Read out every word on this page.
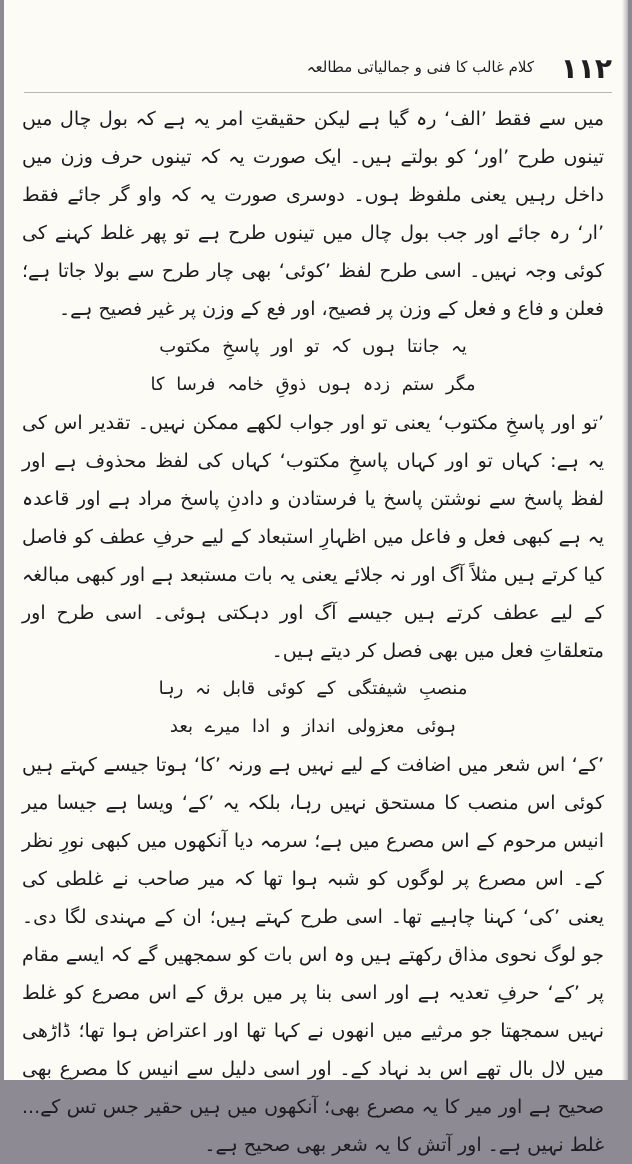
۱۱۲
کلام غالب کا فنی و جمالیاتی مطالعہ

میں سے فقط ’الف‘ رہ گیا ہے لیکن حقیقتِ امر یہ ہے کہ بول چال میں تینوں طرح ’اور‘ کو بولتے ہیں۔ ایک صورت یہ کہ تینوں حرف وزن میں داخل رہیں یعنی ملفوظ ہوں۔ دوسری صورت یہ کہ واو گر جائے فقط ’ار‘ رہ جائے اور جب بول چال میں تینوں طرح ہے تو پھر غلط کہنے کی کوئی وجہ نہیں۔ اسی طرح لفظ ’کوئی‘ بھی چار طرح سے بولا جاتا ہے؛ فعلن و فاع و فعل کے وزن پر فصیح، اور فع کے وزن پر غیر فصیح ہے۔

یہ جانتا ہوں کہ تو اور پاسخِ مکتوب

مگر ستم زدہ ہوں ذوقِ خامہ فرسا کا

’تو اور پاسخِ مکتوب‘ یعنی تو اور جواب لکھے ممکن نہیں۔ تقدیر اس کی یہ ہے: کہاں تو اور کہاں پاسخِ مکتوب‘ کہاں کی لفظ محذوف ہے اور لفظ پاسخ سے نوشتن پاسخ یا فرستادن و دادنِ پاسخ مراد ہے اور قاعدہ یہ ہے کبھی فعل و فاعل میں اظہارِ استبعاد کے لیے حرفِ عطف کو فاصل کیا کرتے ہیں مثلاً آگ اور نہ جلائے یعنی یہ بات مستبعد ہے اور کبھی مبالغہ کے لیے عطف کرتے ہیں جیسے آگ اور دہکتی ہوئی۔ اسی طرح اور متعلقاتِ فعل میں بھی فصل کر دیتے ہیں۔

منصبِ شیفتگی کے کوئی قابل نہ رہا

ہوئی معزولی انداز و ادا میرے بعد

’کے‘ اس شعر میں اضافت کے لیے نہیں ہے ورنہ ’کا‘ ہوتا جیسے کہتے ہیں کوئی اس منصب کا مستحق نہیں رہا، بلکہ یہ ’کے‘ ویسا ہے جیسا میر انیس مرحوم کے اس مصرع میں ہے؛ سرمہ دیا آنکھوں میں کبھی نورِ نظر کے۔ اس مصرع پر لوگوں کو شبہ ہوا تھا کہ میر صاحب نے غلطی کی یعنی ’کی‘ کہنا چاہیے تھا۔ اسی طرح کہتے ہیں؛ ان کے مہندی لگا دی۔ جو لوگ نحوی مذاق رکھتے ہیں وہ اس بات کو سمجھیں گے کہ ایسے مقام پر ’کے‘ حرفِ تعدیہ ہے اور اسی بنا پر میں برق کے اس مصرع کو غلط نہیں سمجھتا جو مرثیے میں انھوں نے کہا تھا اور اعتراض ہوا تھا؛ ڈاڑھی میں لال بال تھے اس بد نہاد کے۔ اور اسی دلیل سے انیس کا مصرع بھی صحیح ہے اور میر کا یہ مصرع بھی؛ آنکھوں میں ہیں حقیر جس تس کے... غلط نہیں ہے۔ اور آتش کا یہ شعر بھی صحیح ہے۔
